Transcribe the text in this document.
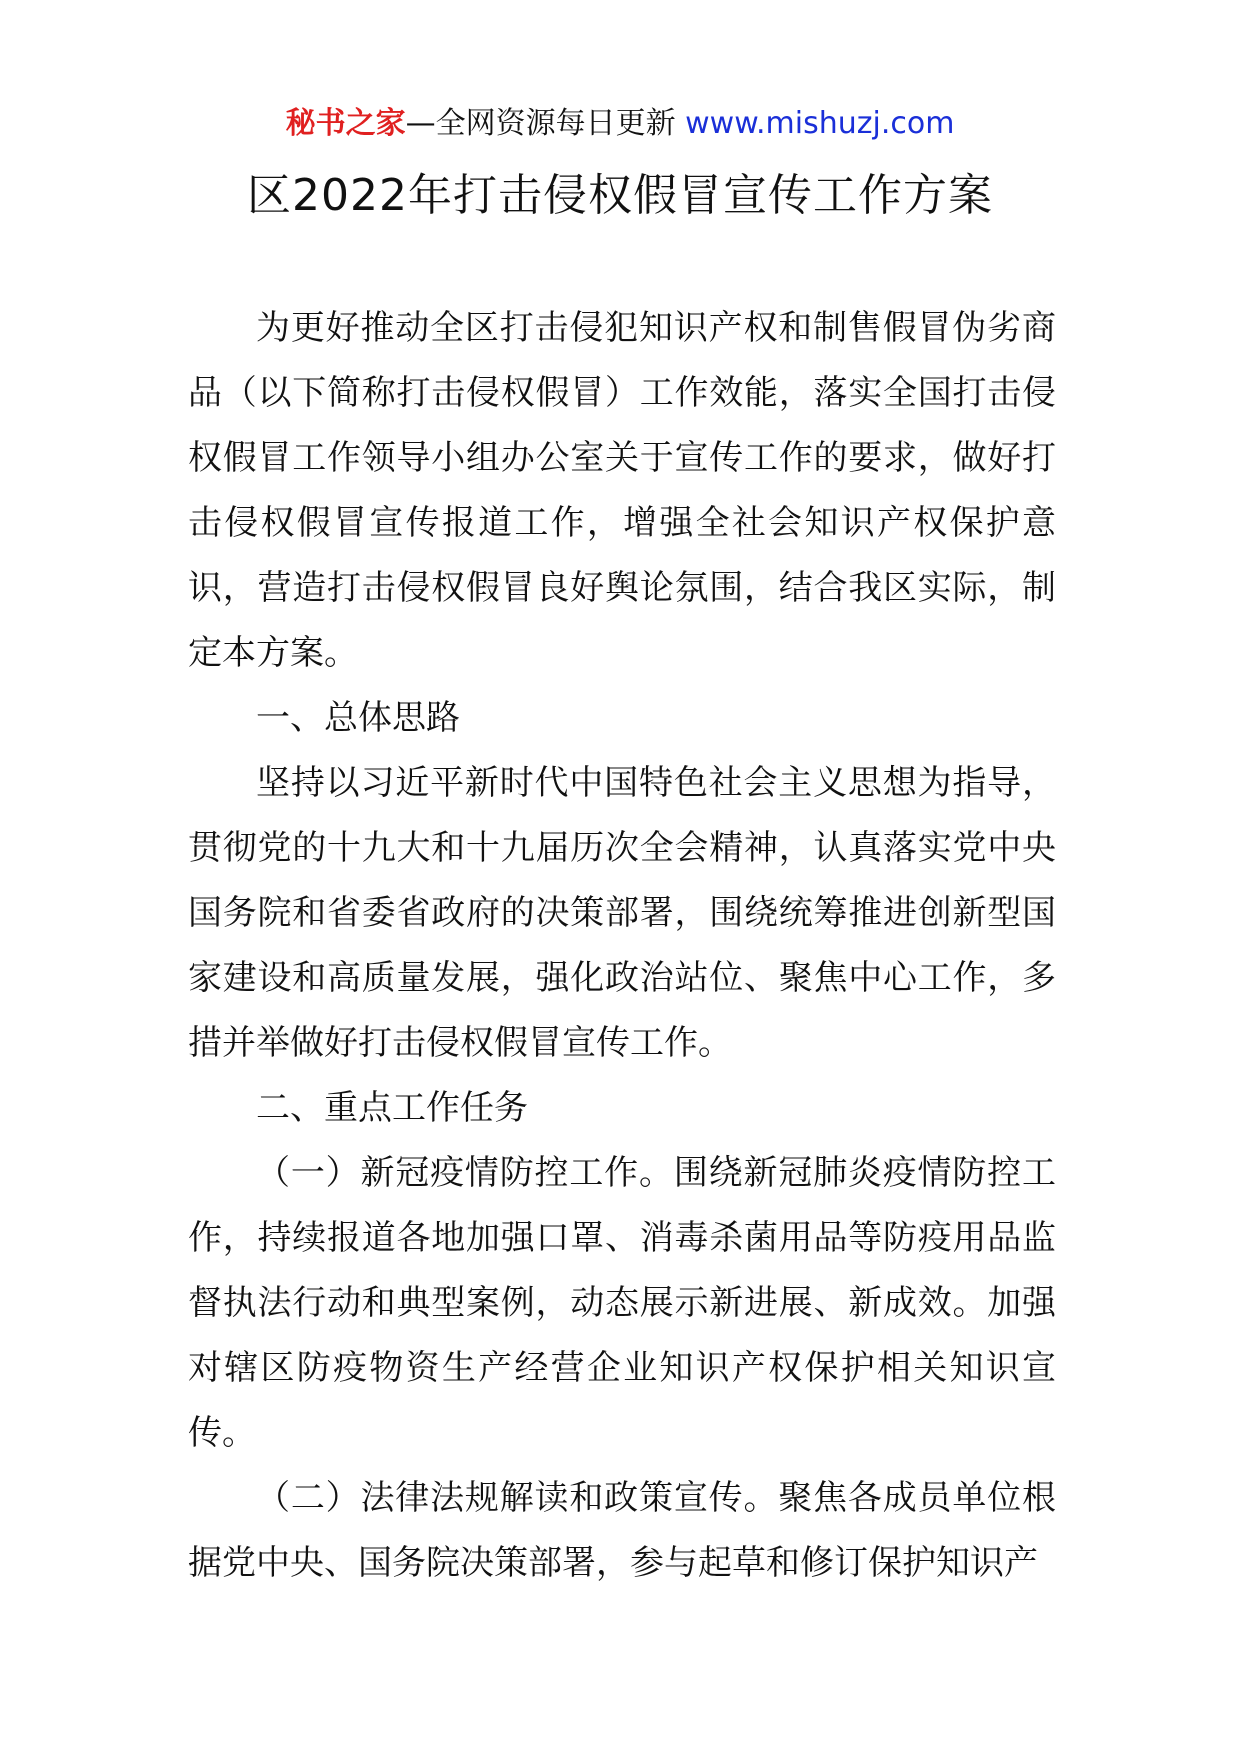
秘书之家—全网资源每日更新 www.mishuzj.com
区2022年打击侵权假冒宣传工作方案

为更好推动全区打击侵犯知识产权和制售假冒伪劣商品（以下简称打击侵权假冒）工作效能，落实全国打击侵权假冒工作领导小组办公室关于宣传工作的要求，做好打击侵权假冒宣传报道工作，增强全社会知识产权保护意识，营造打击侵权假冒良好舆论氛围，结合我区实际，制定本方案。

一、总体思路

坚持以习近平新时代中国特色社会主义思想为指导，贯彻党的十九大和十九届历次全会精神，认真落实党中央国务院和省委省政府的决策部署，围绕统筹推进创新型国家建设和高质量发展，强化政治站位、聚焦中心工作，多措并举做好打击侵权假冒宣传工作。

二、重点工作任务

（一）新冠疫情防控工作。围绕新冠肺炎疫情防控工作，持续报道各地加强口罩、消毒杀菌用品等防疫用品监督执法行动和典型案例，动态展示新进展、新成效。加强对辖区防疫物资生产经营企业知识产权保护相关知识宣传。

（二）法律法规解读和政策宣传。聚焦各成员单位根据党中央、国务院决策部署，参与起草和修订保护知识产
